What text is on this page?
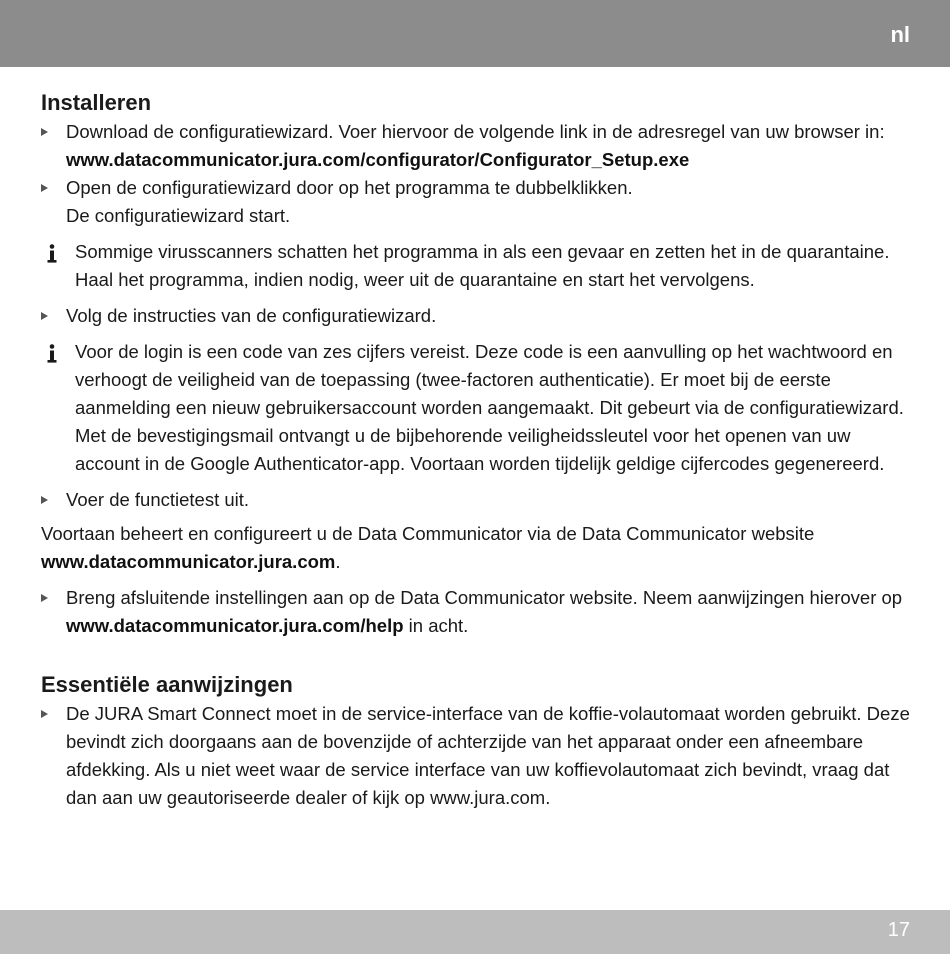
nl
Installeren
Download de configuratiewizard. Voer hiervoor de volgende link in de adresregel van uw browser in: www.datacommunicator.jura.com/configurator/Configurator_Setup.exe
Open de configuratiewizard door op het programma te dubbelklikken.
De configuratiewizard start.
Sommige virusscanners schatten het programma in als een gevaar en zetten het in de quarantaine. Haal het programma, indien nodig, weer uit de quarantaine en start het vervolgens.
Volg de instructies van de configuratiewizard.
Voor de login is een code van zes cijfers vereist. Deze code is een aanvulling op het wachtwoord en verhoogt de veiligheid van de toepassing (twee-factoren authenticatie). Er moet bij de eerste aanmelding een nieuw gebruikersaccount worden aangemaakt. Dit gebeurt via de configuratiewizard. Met de bevestigingsmail ontvangt u de bijbehorende veiligheidssleutel voor het openen van uw account in de Google Authenticator-app. Voortaan worden tijdelijk geldige cijfercodes gegenereerd.
Voer de functietest uit.
Voortaan beheert en configureert u de Data Communicator via de Data Communicator website www.datacommunicator.jura.com.
Breng afsluitende instellingen aan op de Data Communicator website. Neem aanwijzingen hierover op www.datacommunicator.jura.com/help in acht.
Essentiële aanwijzingen
De JURA Smart Connect moet in de service-interface van de koffie-volautomaat worden gebruikt. Deze bevindt zich doorgaans aan de bovenzijde of achterzijde van het apparaat onder een afneembare afdekking. Als u niet weet waar de service interface van uw koffievolautomaat zich bevindt, vraag dat dan aan uw geautoriseerde dealer of kijk op www.jura.com.
17
